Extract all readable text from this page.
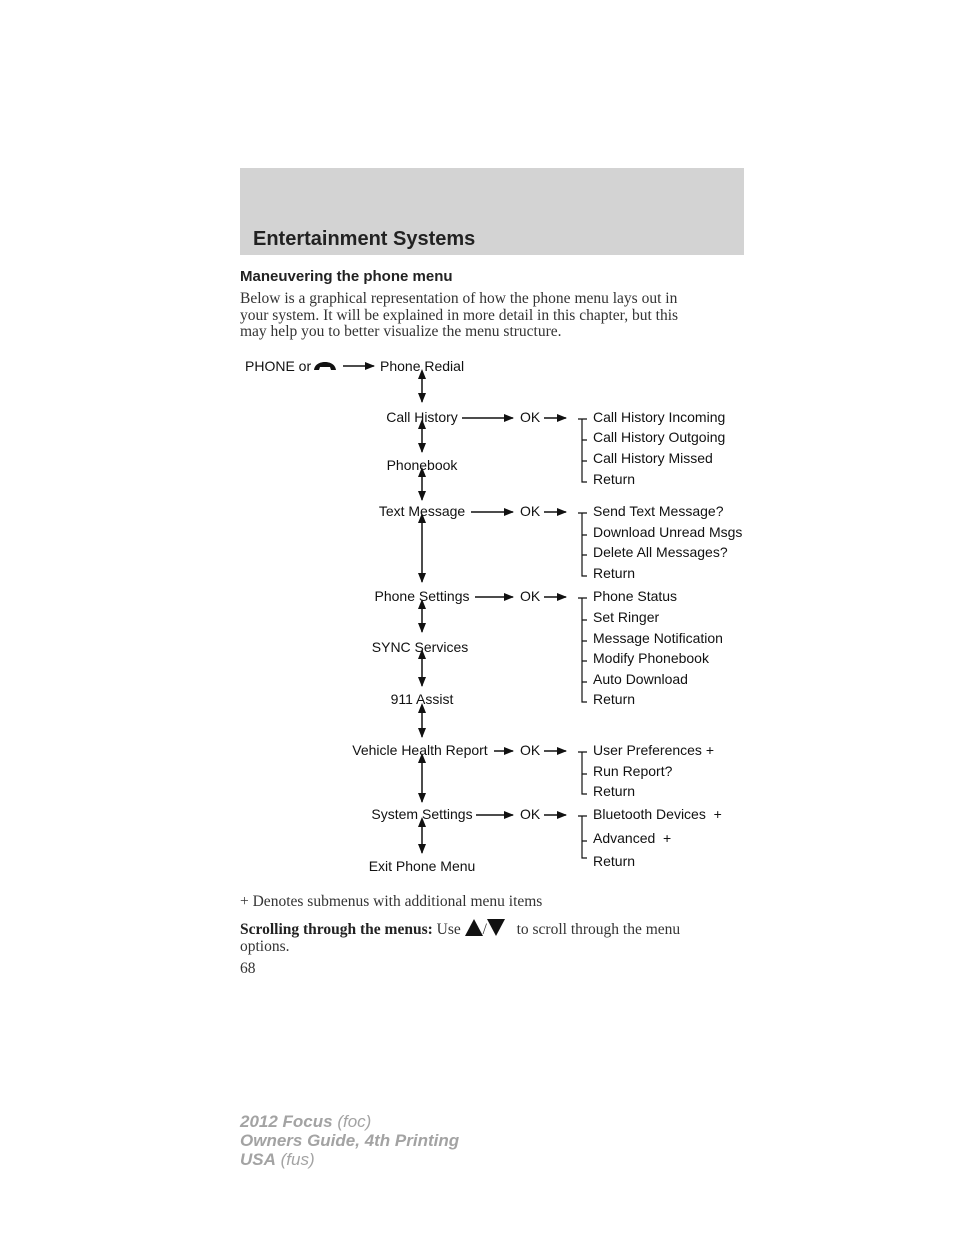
Entertainment Systems
Maneuvering the phone menu
Below is a graphical representation of how the phone menu lays out in
your system. It will be explained in more detail in this chapter, but this
may help you to better visualize the menu structure.
PHONE or	Phone Redial
Call History
Phonebook
Text Message
Phone Settings
SYNC Services
911 Assist
Vehicle Health Report
System Settings
Exit Phone Menu
OK
OK
OK
OK
OK
Call History Incoming
Call History Outgoing
Call History Missed
Return
Send Text Message?
Download Unread Msgs
Delete All Messages?
Return
Phone Status
Set Ringer
Message Notification
Modify Phonebook
Auto Download
Return
User Preferences +
Run Report?
Return
Bluetooth Devices  +
Advanced  +
Return
+ Denotes submenus with additional menu items
Scrolling through the menus: Use / to scroll through the menu
options.
68
2012 Focus (foc)
Owners Guide, 4th Printing
USA (fus)
